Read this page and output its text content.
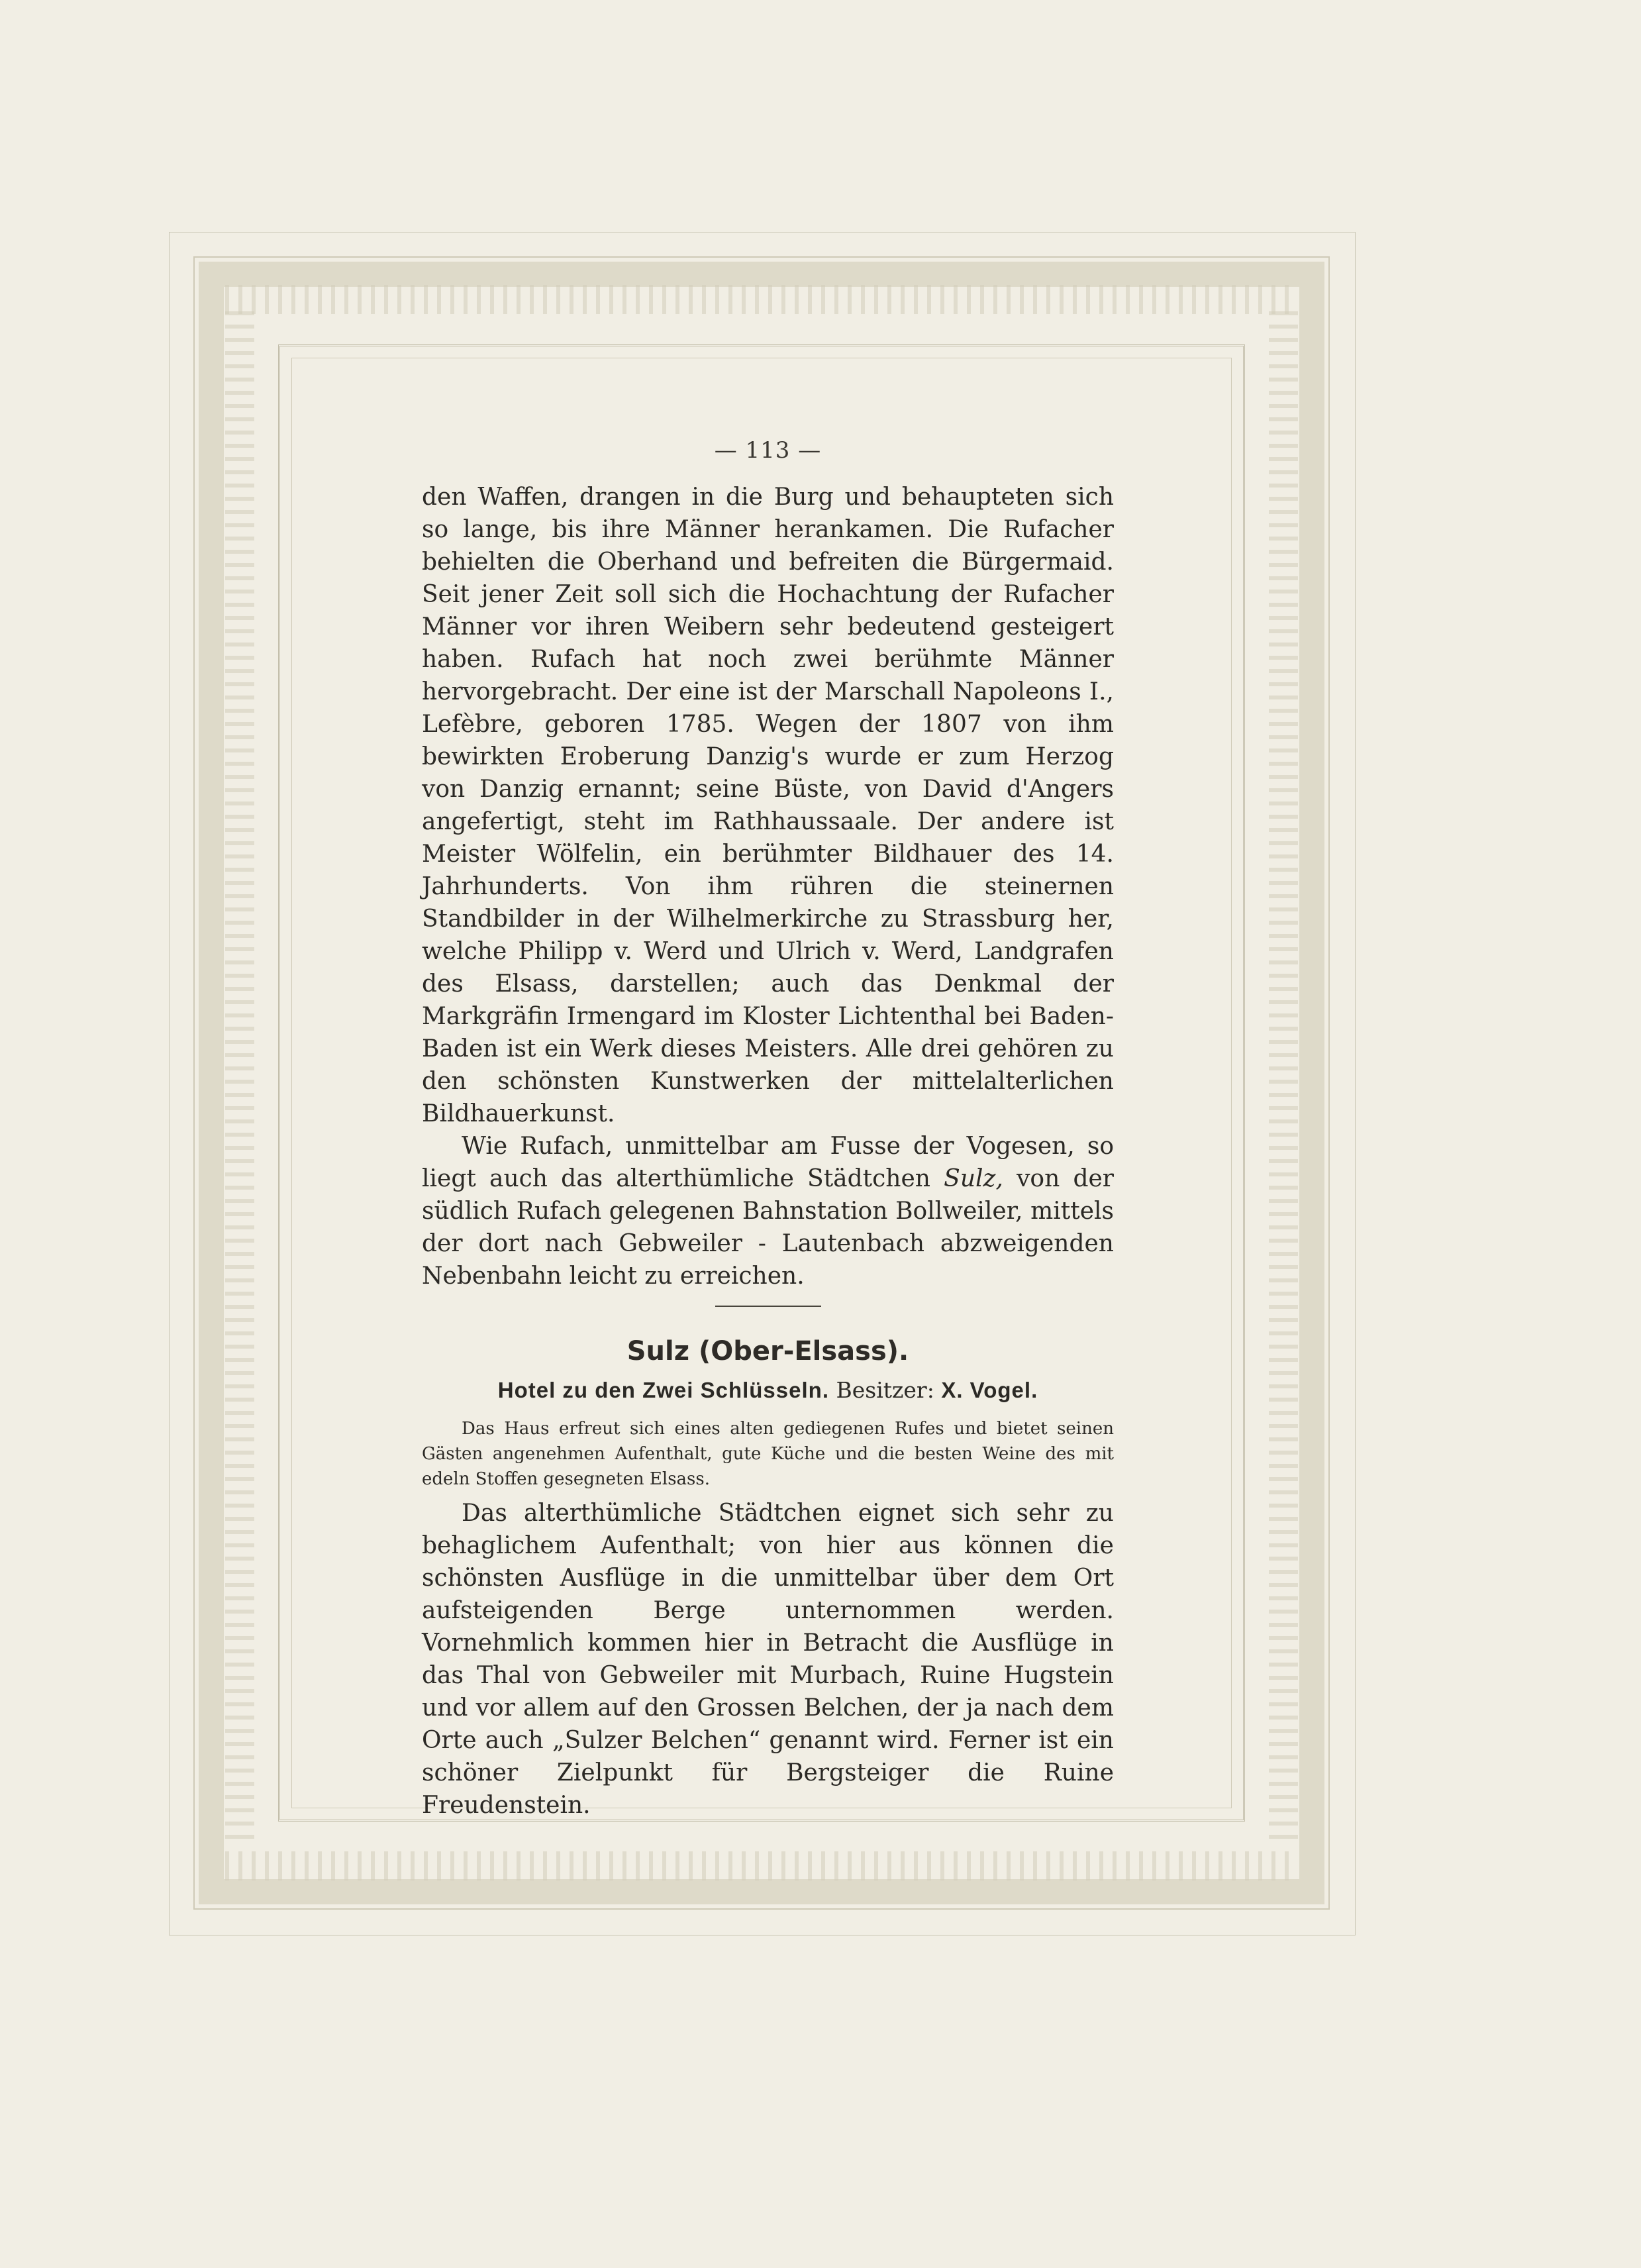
— 113 —

den Waffen, drangen in die Burg und behaupteten sich so lange, bis ihre Männer herankamen. Die Rufacher behielten die Oberhand und befreiten die Bürgermaid. Seit jener Zeit soll sich die Hochachtung der Rufacher Männer vor ihren Weibern sehr bedeutend gesteigert haben. Rufach hat noch zwei berühmte Männer hervorgebracht. Der eine ist der Marschall Napoleons I., Lefèbre, geboren 1785. Wegen der 1807 von ihm bewirkten Eroberung Danzig's wurde er zum Herzog von Danzig ernannt; seine Büste, von David d'Angers angefertigt, steht im Rathhaussaale. Der andere ist Meister Wölfelin, ein berühmter Bildhauer des 14. Jahrhunderts. Von ihm rühren die steinernen Standbilder in der Wilhelmerkirche zu Strassburg her, welche Philipp v. Werd und Ulrich v. Werd, Landgrafen des Elsass, darstellen; auch das Denkmal der Markgräfin Irmengard im Kloster Lichtenthal bei Baden-Baden ist ein Werk dieses Meisters. Alle drei gehören zu den schönsten Kunstwerken der mittelalterlichen Bildhauerkunst.

Wie Rufach, unmittelbar am Fusse der Vogesen, so liegt auch das alterthümliche Städtchen Sulz, von der südlich Rufach gelegenen Bahnstation Bollweiler, mittels der dort nach Gebweiler - Lautenbach abzweigenden Nebenbahn leicht zu erreichen.

Sulz (Ober-Elsass).

Hotel zu den Zwei Schlüsseln. Besitzer: X. Vogel.

Das Haus erfreut sich eines alten gediegenen Rufes und bietet seinen Gästen angenehmen Aufenthalt, gute Küche und die besten Weine des mit edeln Stoffen gesegneten Elsass.

Das alterthümliche Städtchen eignet sich sehr zu behaglichem Aufenthalt; von hier aus können die schönsten Ausflüge in die unmittelbar über dem Ort aufsteigenden Berge unternommen werden. Vornehmlich kommen hier in Betracht die Ausflüge in das Thal von Gebweiler mit Murbach, Ruine Hugstein und vor allem auf den Grossen Belchen, der ja nach dem Orte auch „Sulzer Belchen“ genannt wird. Ferner ist ein schöner Zielpunkt für Bergsteiger die Ruine Freudenstein.
